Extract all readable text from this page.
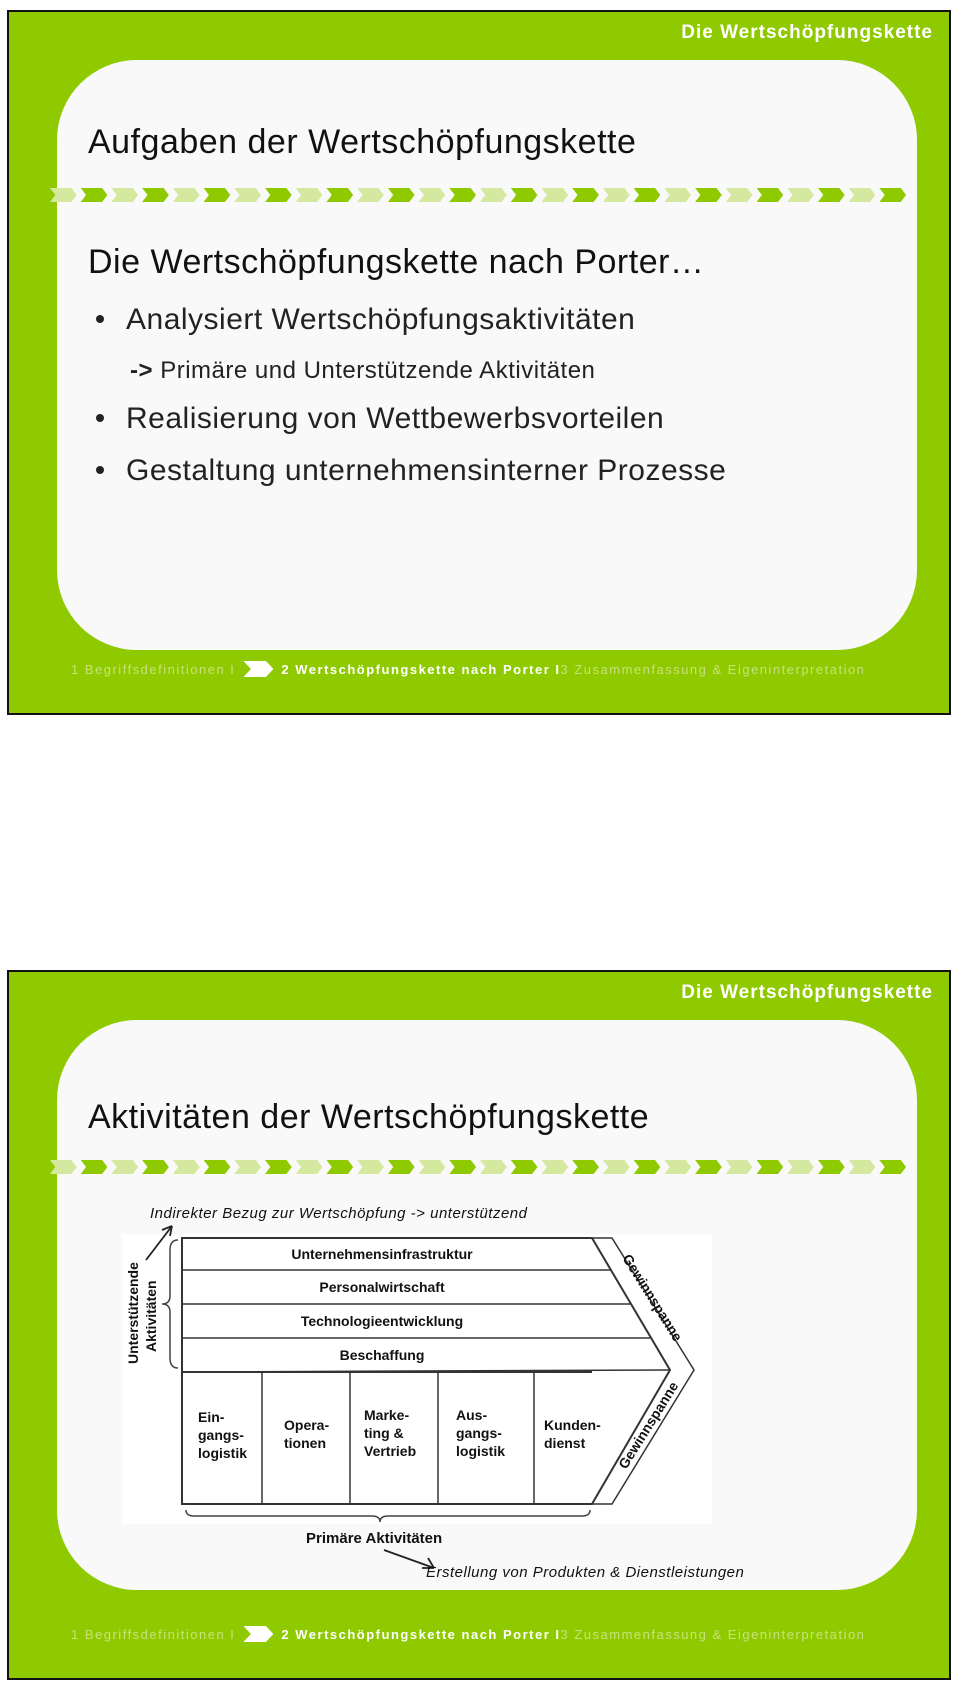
Die Wertschöpfungskette
1 Begriffsdefinitionen I	2 Wertschöpfungskette nach Porter I 3 Zusammenfassung & Eigeninterpretation
Aufgaben der Wertschöpfungskette
Die Wertschöpfungskette nach Porter…
Analysiert Wertschöpfungsaktivitäten
-> Primäre und Unterstützende Aktivitäten
Realisierung von Wettbewerbsvorteilen
Gestaltung unternehmensinterner Prozesse
Die Wertschöpfungskette
1 Begriffsdefinitionen I	2 Wertschöpfungskette nach Porter I 3 Zusammenfassung & Eigeninterpretation
Aktivitäten der Wertschöpfungskette
Indirekter Bezug zur Wertschöpfung -> unterstützend
Unterstützende Aktivitäten
Unternehmensinfrastruktur
Personalwirtschaft
Technologieentwicklung
Beschaffung
Ein-
gangs-
logistik
Opera-
tionen
Marke-
ting &
Vertrieb
Aus-
gangs-
logistik
Kunden-
dienst
Gewinnspanne
Gewinnspanne
Primäre Aktivitäten
Erstellung von Produkten & Dienstleistungen
